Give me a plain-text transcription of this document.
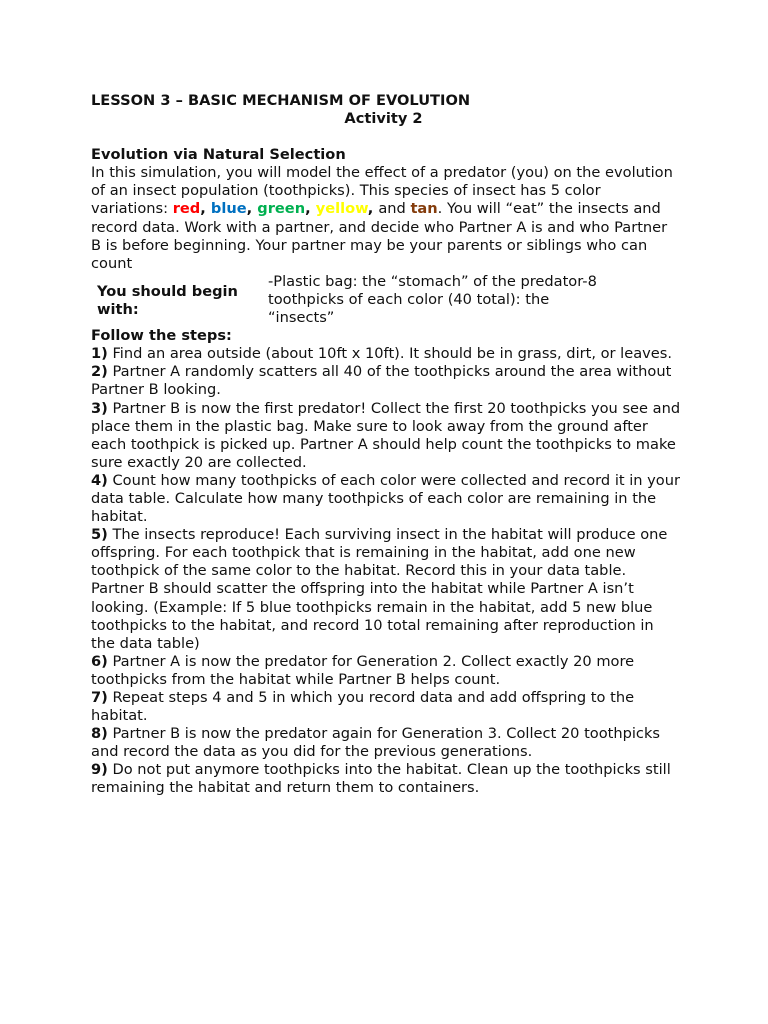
LESSON 3 – BASIC MECHANISM OF EVOLUTION

Activity 2

Evolution via Natural Selection

In this simulation, you will model the effect of a predator (you) on the evolution of an insect population (toothpicks). This species of insect has 5 color variations: red, blue, green, yellow, and tan. You will “eat” the insects and record data. Work with a partner, and decide who Partner A is and who Partner B is before beginning. Your partner may be your parents or siblings who can count

You should begin with:
-Plastic bag: the “stomach” of the predator-8 toothpicks of each color (40 total): the “insects”

Follow the steps:

1) Find an area outside (about 10ft x 10ft). It should be in grass, dirt, or leaves.

2) Partner A randomly scatters all 40 of the toothpicks around the area without Partner B looking.

3) Partner B is now the first predator! Collect the first 20 toothpicks you see and place them in the plastic bag. Make sure to look away from the ground after each toothpick is picked up. Partner A should help count the toothpicks to make sure exactly 20 are collected.

4) Count how many toothpicks of each color were collected and record it in your data table. Calculate how many toothpicks of each color are remaining in the habitat.

5) The insects reproduce! Each surviving insect in the habitat will produce one offspring. For each toothpick that is remaining in the habitat, add one new toothpick of the same color to the habitat. Record this in your data table. Partner B should scatter the offspring into the habitat while Partner A isn’t looking. (Example: If 5 blue toothpicks remain in the habitat, add 5 new blue toothpicks to the habitat, and record 10 total remaining after reproduction in the data table)

6) Partner A is now the predator for Generation 2. Collect exactly 20 more toothpicks from the habitat while Partner B helps count.

7) Repeat steps 4 and 5 in which you record data and add offspring to the habitat.

8) Partner B is now the predator again for Generation 3. Collect 20 toothpicks and record the data as you did for the previous generations.

9) Do not put anymore toothpicks into the habitat. Clean up the toothpicks still remaining the habitat and return them to containers.
